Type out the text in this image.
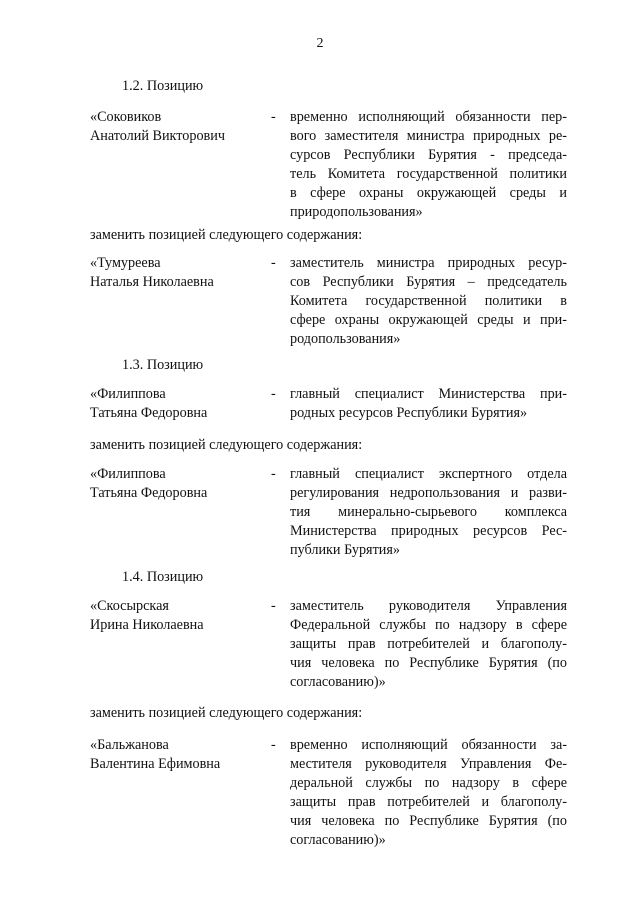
2
1.2. Позицию
«Соковиков
Анатолий Викторович
- временно исполняющий обязанности пер-
вого заместителя министра природных ре-
сурсов Республики Бурятия - председа-
тель Комитета государственной политики
в сфере охраны окружающей среды и
природопользования»
заменить позицией следующего содержания:
«Тумуреева
Наталья Николаевна
- заместитель министра природных ресур-
сов Республики Бурятия – председатель
Комитета государственной политики в
сфере охраны окружающей среды и при-
родопользования»
1.3. Позицию
«Филиппова
Татьяна Федоровна
- главный специалист Министерства при-
родных ресурсов Республики Бурятия»
заменить позицией следующего содержания:
«Филиппова
Татьяна Федоровна
- главный специалист экспертного отдела
регулирования недропользования и разви-
тия минерально-сырьевого комплекса
Министерства природных ресурсов Рес-
публики Бурятия»
1.4. Позицию
«Скосырская
Ирина Николаевна
- заместитель руководителя Управления
Федеральной службы по надзору в сфере
защиты прав потребителей и благополу-
чия человека по Республике Бурятия (по
согласованию)»
заменить позицией следующего содержания:
«Бальжанова
Валентина Ефимовна
- временно исполняющий обязанности за-
местителя руководителя Управления Фе-
деральной службы по надзору в сфере
защиты прав потребителей и благополу-
чия человека по Республике Бурятия (по
согласованию)»
